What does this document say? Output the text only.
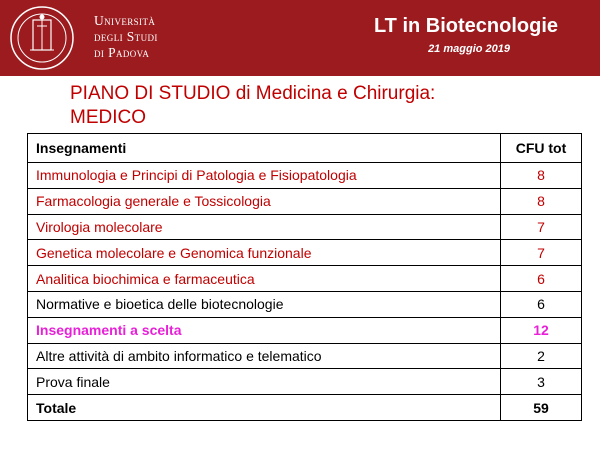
Università
degli Studi
di Padova
LT in Biotecnologie
21 maggio 2019
PIANO DI STUDIO di Medicina e Chirurgia:
MEDICO
Insegnamenti	CFU tot
Immunologia e Principi di Patologia e Fisiopatologia	8
Farmacologia generale e Tossicologia	8
Virologia molecolare	7
Genetica molecolare e Genomica funzionale	7
Analitica biochimica e farmaceutica	6
Normative e bioetica delle biotecnologie	6
Insegnamenti a scelta	12
Altre attività di ambito informatico e telematico	2
Prova finale	3
Totale	59
